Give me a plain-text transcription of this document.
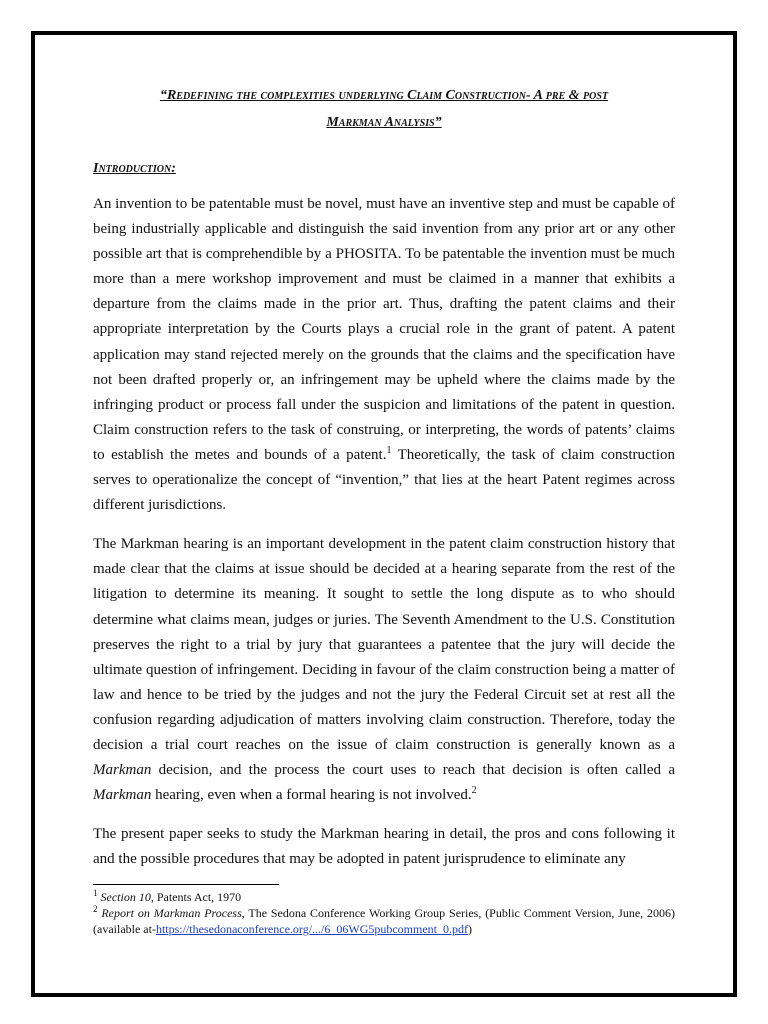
“Redefining the complexities underlying Claim Construction- A pre & post
Markman Analysis”

Introduction:

An invention to be patentable must be novel, must have an inventive step and must be capable of being industrially applicable and distinguish the said invention from any prior art or any other possible art that is comprehendible by a PHOSITA. To be patentable the invention must be much more than a mere workshop improvement and must be claimed in a manner that exhibits a departure from the claims made in the prior art. Thus, drafting the patent claims and their appropriate interpretation by the Courts plays a crucial role in the grant of patent. A patent application may stand rejected merely on the grounds that the claims and the specification have not been drafted properly or, an infringement may be upheld where the claims made by the infringing product or process fall under the suspicion and limitations of the patent in question. Claim construction refers to the task of construing, or interpreting, the words of patents’ claims to establish the metes and bounds of a patent.$^1$ Theoretically, the task of claim construction serves to operationalize the concept of “invention,” that lies at the heart Patent regimes across different jurisdictions.

The Markman hearing is an important development in the patent claim construction history that made clear that the claims at issue should be decided at a hearing separate from the rest of the litigation to determine its meaning. It sought to settle the long dispute as to who should determine what claims mean, judges or juries. The Seventh Amendment to the U.S. Constitution preserves the right to a trial by jury that guarantees a patentee that the jury will decide the ultimate question of infringement. Deciding in favour of the claim construction being a matter of law and hence to be tried by the judges and not the jury the Federal Circuit set at rest all the confusion regarding adjudication of matters involving claim construction. Therefore, today the decision a trial court reaches on the issue of claim construction is generally known as a Markman decision, and the process the court uses to reach that decision is often called a Markman hearing, even when a formal hearing is not involved.$^2$

The present paper seeks to study the Markman hearing in detail, the pros and cons following it and the possible procedures that may be adopted in patent jurisprudence to eliminate any

$^1$ Section 10, Patents Act, 1970

$^2$ Report on Markman Process, The Sedona Conference Working Group Series, (Public Comment Version, June, 2006) (available at-https://thesedonaconference.org/.../6_06WG5pubcomment_0.pdf)
